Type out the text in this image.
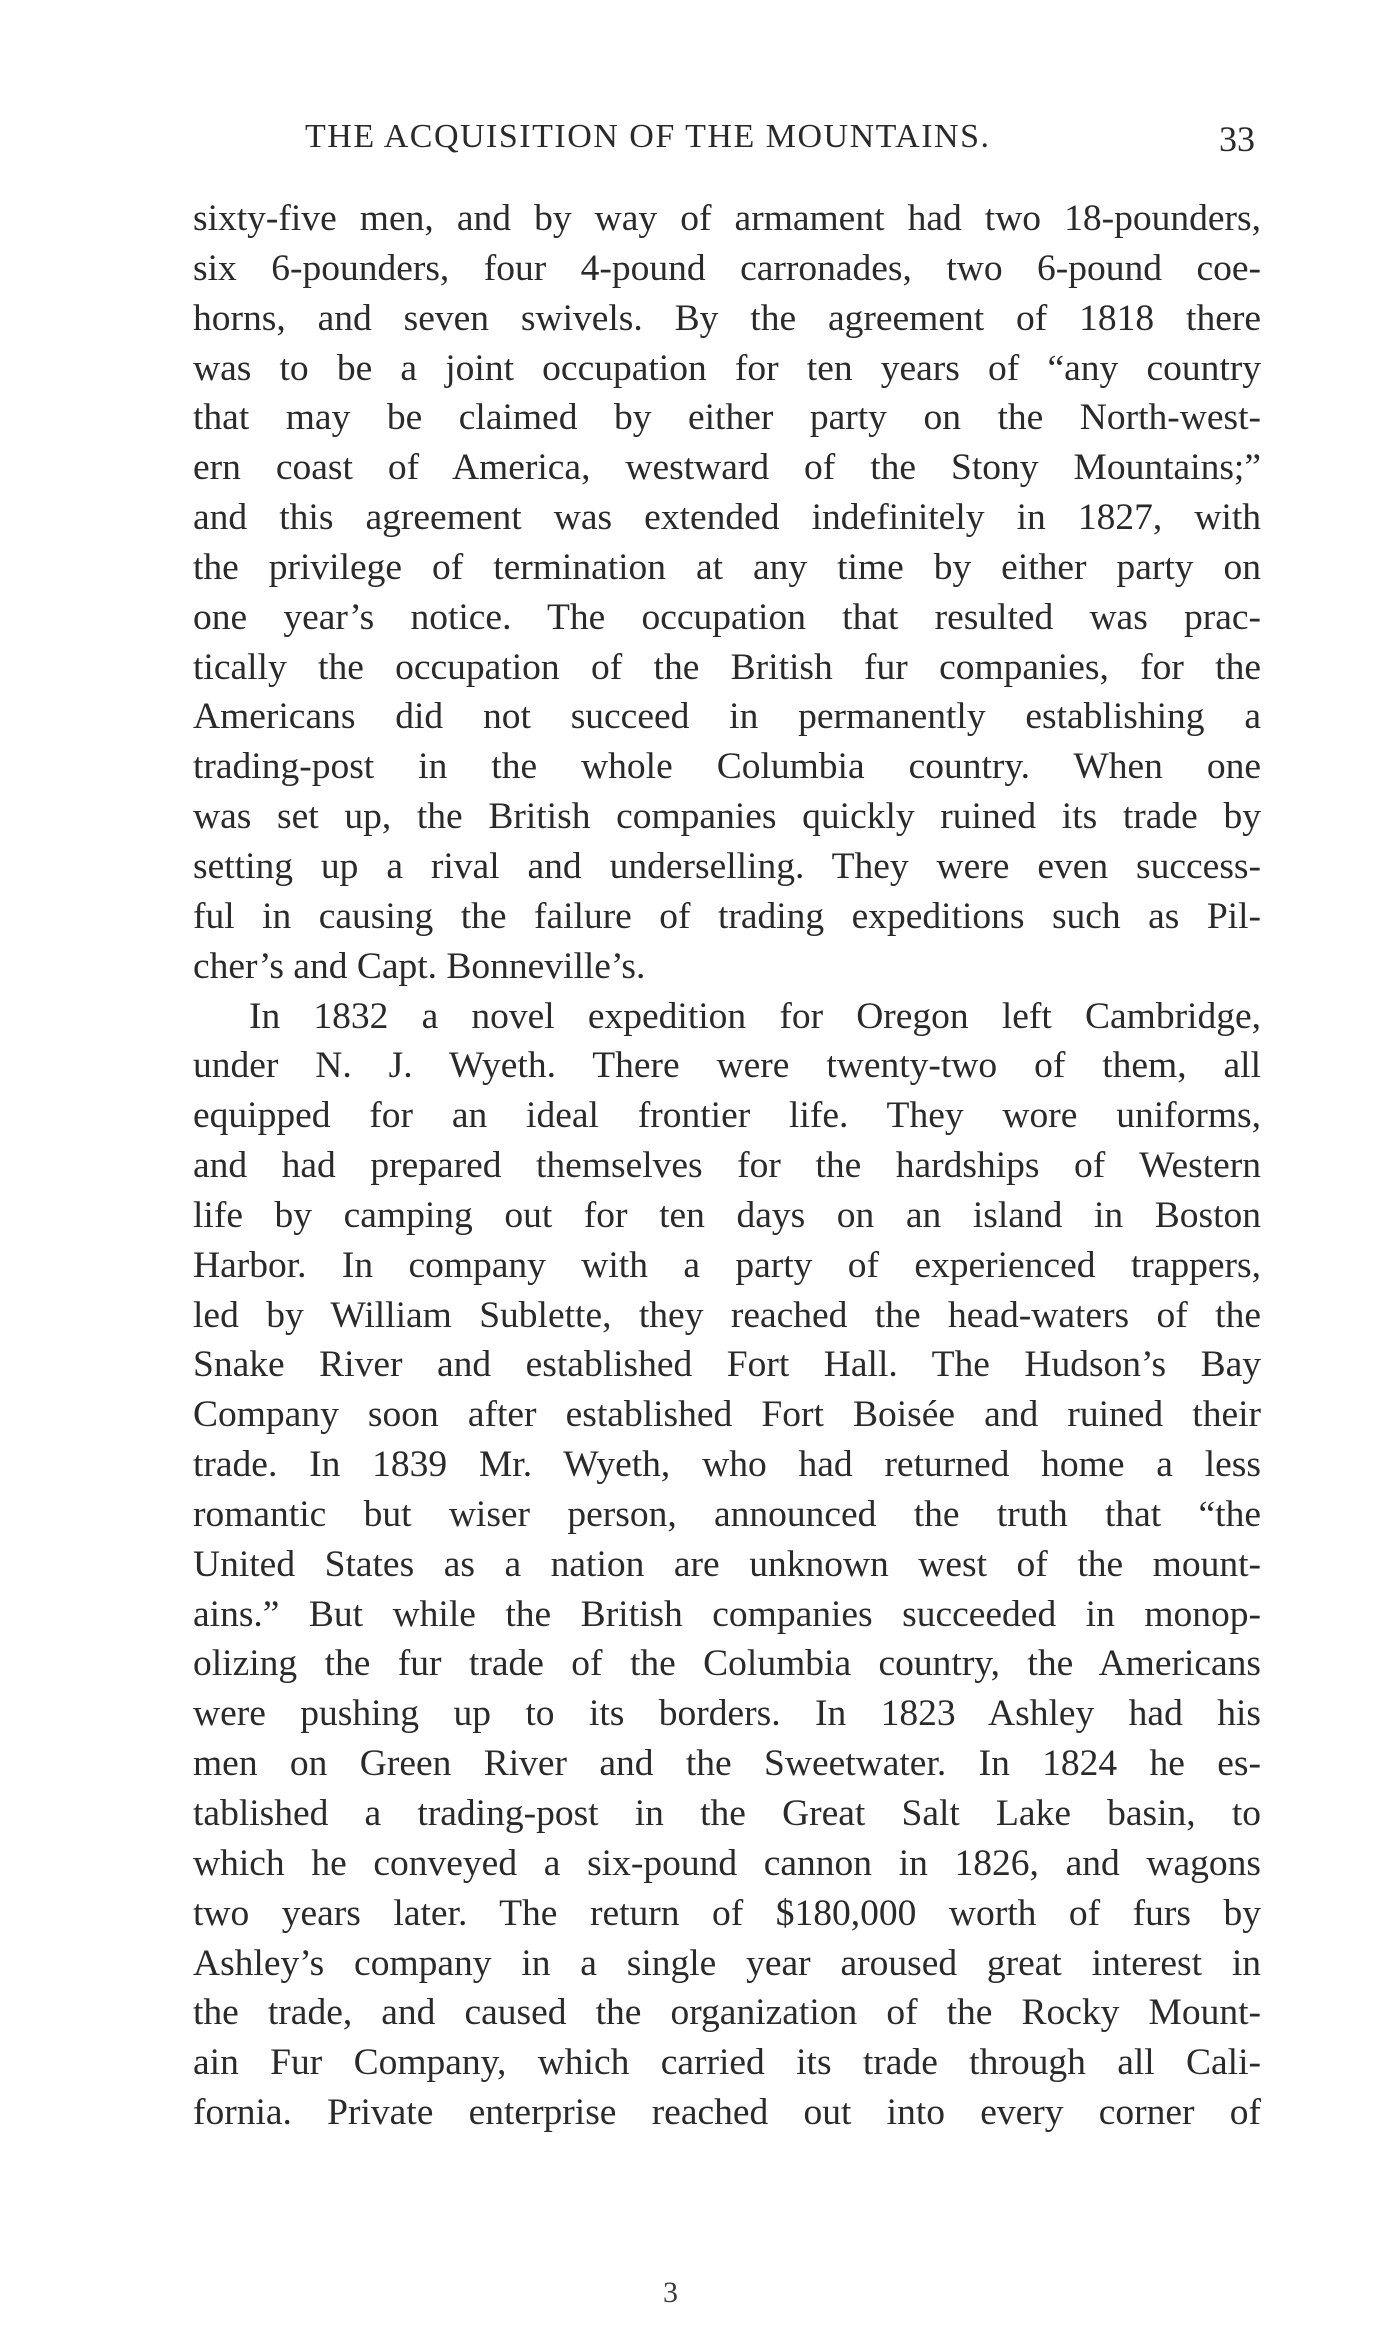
THE ACQUISITION OF THE MOUNTAINS.	33
sixty-five men, and by way of armament had two 18-pounders,
six 6-pounders, four 4-pound carronades, two 6-pound coe-
horns, and seven swivels. By the agreement of 1818 there
was to be a joint occupation for ten years of “any country
that may be claimed by either party on the North-west-
ern coast of America, westward of the Stony Mountains;”
and this agreement was extended indefinitely in 1827, with
the privilege of termination at any time by either party on
one year’s notice. The occupation that resulted was prac-
tically the occupation of the British fur companies, for the
Americans did not succeed in permanently establishing a
trading-post in the whole Columbia country. When one
was set up, the British companies quickly ruined its trade by
setting up a rival and underselling. They were even success-
ful in causing the failure of trading expeditions such as Pil-
cher’s and Capt. Bonneville’s.
In 1832 a novel expedition for Oregon left Cambridge,
under N. J. Wyeth. There were twenty-two of them, all
equipped for an ideal frontier life. They wore uniforms,
and had prepared themselves for the hardships of Western
life by camping out for ten days on an island in Boston
Harbor. In company with a party of experienced trappers,
led by William Sublette, they reached the head-waters of the
Snake River and established Fort Hall. The Hudson’s Bay
Company soon after established Fort Boisée and ruined their
trade. In 1839 Mr. Wyeth, who had returned home a less
romantic but wiser person, announced the truth that “the
United States as a nation are unknown west of the mount-
ains.” But while the British companies succeeded in monop-
olizing the fur trade of the Columbia country, the Americans
were pushing up to its borders. In 1823 Ashley had his
men on Green River and the Sweetwater. In 1824 he es-
tablished a trading-post in the Great Salt Lake basin, to
which he conveyed a six-pound cannon in 1826, and wagons
two years later. The return of $180,000 worth of furs by
Ashley’s company in a single year aroused great interest in
the trade, and caused the organization of the Rocky Mount-
ain Fur Company, which carried its trade through all Cali-
fornia. Private enterprise reached out into every corner of
3
